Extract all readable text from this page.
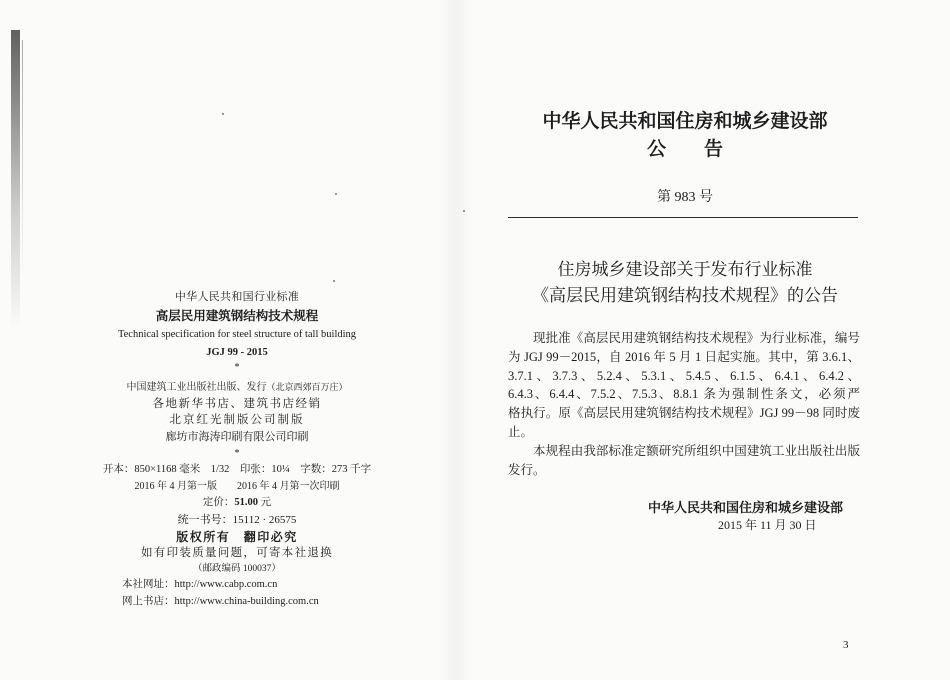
中华人民共和国行业标准
高层民用建筑钢结构技术规程
Technical specification for steel structure of tall building
JGJ 99 - 2015
*
中国建筑工业出版社出版、发行（北京西郊百万庄）
各地新华书店、建筑书店经销
北京红光制版公司制版
廊坊市海涛印刷有限公司印刷
*
开本：850×1168 毫米　1/32　印张：10¼　字数：273 千字
2016 年 4 月第一版　　2016 年 4 月第一次印刷
定价：51.00 元
统一书号：15112 · 26575
版权所有　翻印必究
如有印装质量问题，可寄本社退换
（邮政编码 100037）
本社网址：http://www.cabp.com.cn
网上书店：http://www.china-building.com.cn
中华人民共和国住房和城乡建设部
公　　告
第 983 号
住房城乡建设部关于发布行业标准
《高层民用建筑钢结构技术规程》的公告
现批准《高层民用建筑钢结构技术规程》为行业标准，编号
为 JGJ 99－2015，自 2016 年 5 月 1 日起实施。其中，第 3.6.1、
3.7.1、3.7.3、5.2.4、5.3.1、5.4.5、6.1.5、6.4.1、6.4.2、
6.4.3、6.4.4、7.5.2、7.5.3、8.8.1 条为强制性条文，必须严
格执行。原《高层民用建筑钢结构技术规程》JGJ 99－98 同时废
止。
本规程由我部标准定额研究所组织中国建筑工业出版社出版
发行。
中华人民共和国住房和城乡建设部
2015 年 11 月 30 日
3
